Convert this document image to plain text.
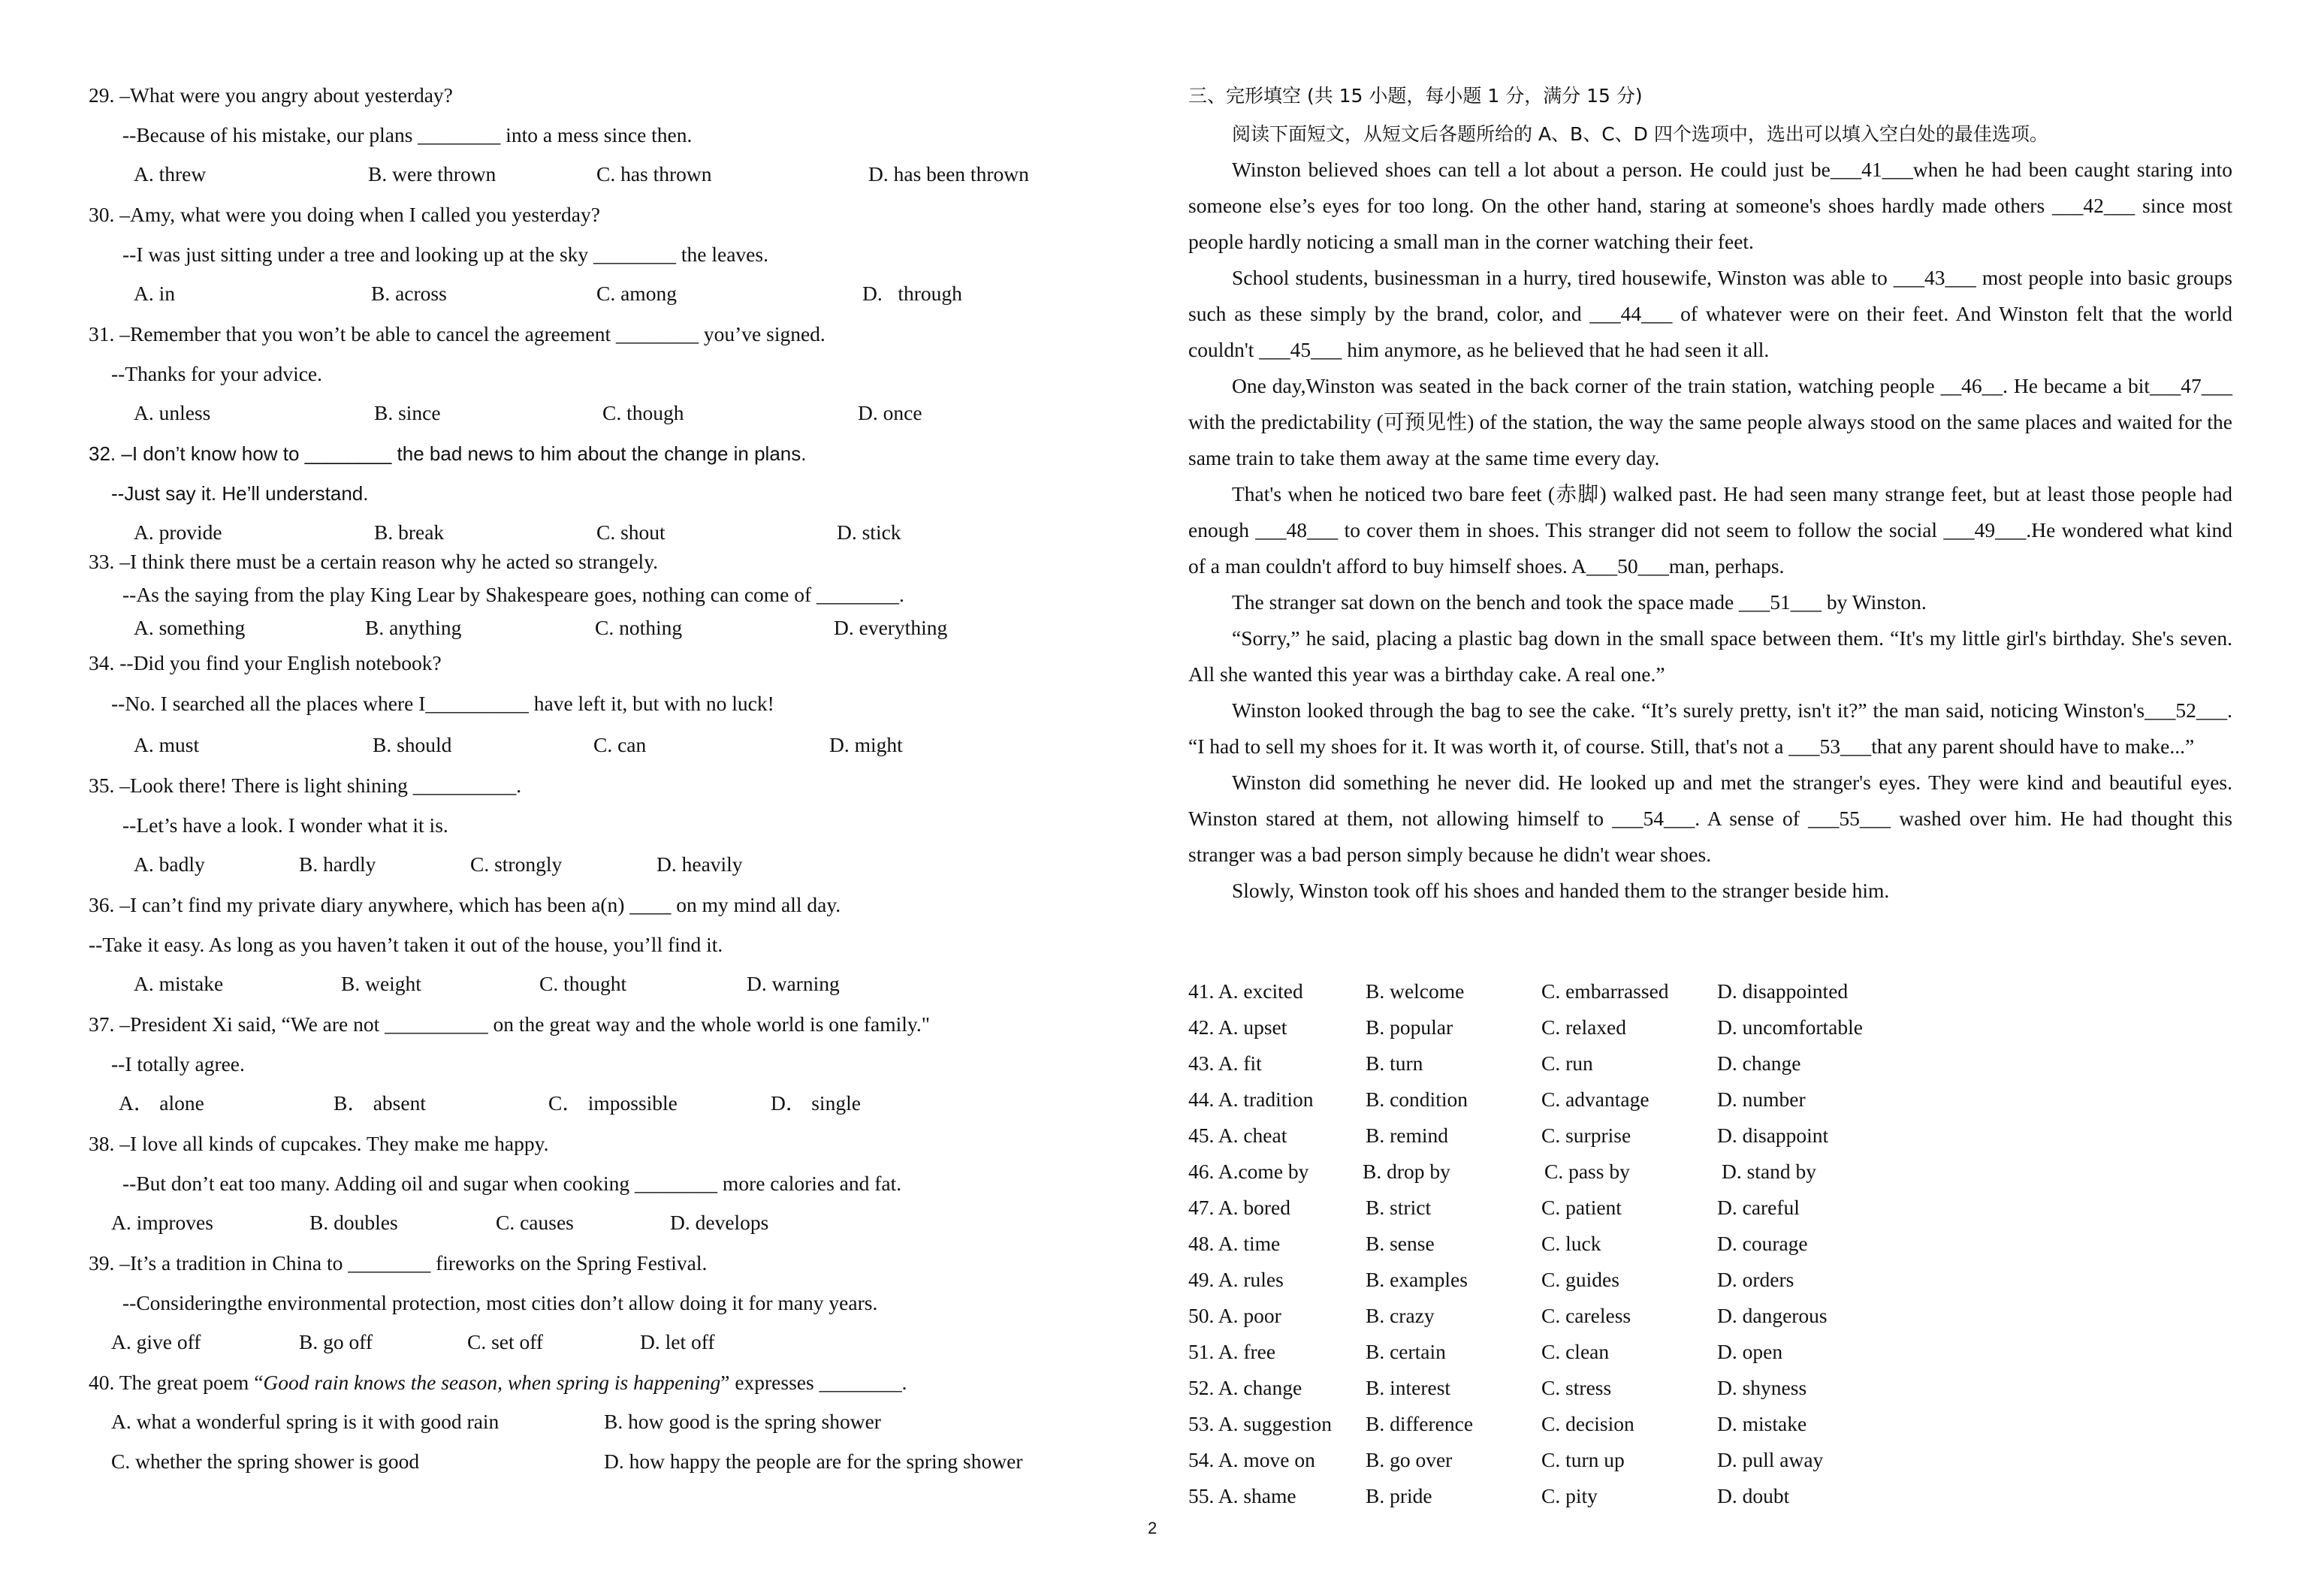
29. –What were you angry about yesterday?
--Because of his mistake, our plans ________ into a mess since then.
A. threw	B. were thrown	C. has thrown	D. has been thrown
30. –Amy, what were you doing when I called you yesterday?
--I was just sitting under a tree and looking up at the sky ________ the leaves.
A. in	B. across	C. among	D.   through
31. –Remember that you won’t be able to cancel the agreement ________ you’ve signed.
--Thanks for your advice.
A. unless	B. since	C. though	D. once
32. –I don’t know how to ________ the bad news to him about the change in plans.
--Just say it. He’ll understand.
A. provide	B. break	C. shout	D. stick
33. –I think there must be a certain reason why he acted so strangely.
--As the saying from the play King Lear by Shakespeare goes, nothing can come of ________.
A. something	B. anything	C. nothing	D. everything
34. --Did you find your English notebook?
--No. I searched all the places where I__________ have left it, but with no luck!
A. must	B. should	C. can	D. might
35. –Look there! There is light shining __________.
--Let’s have a look. I wonder what it is.
A. badly	B. hardly	C. strongly	D. heavily
36. –I can’t find my private diary anywhere, which has been a(n) ____ on my mind all day.
--Take it easy. As long as you haven’t taken it out of the house, you’ll find it.
A. mistake	B. weight	C. thought	D. warning
37. –President Xi said, “We are not __________ on the great way and the whole world is one family."
--I totally agree.
A． alone	B． absent	C． impossible	D． single
38. –I love all kinds of cupcakes. They make me happy.
--But don’t eat too many. Adding oil and sugar when cooking ________ more calories and fat.
A. improves	B. doubles	C. causes	D. develops
39. –It’s a tradition in China to ________ fireworks on the Spring Festival.
--Consideringthe environmental protection, most cities don’t allow doing it for many years.
A. give off	B. go off	C. set off	D. let off
40. The great poem “ Good rain knows the season, when spring is happening ” expresses ________.
A. what a wonderful spring is it with good rain	B. how good is the spring shower
C. whether the spring shower is good	D. how happy the people are for the spring shower
三、完形填空 (共 15 小题，每小题 1 分，满分 15 分)
阅读下面短文，从短文后各题所给的 A、B、C、D 四个选项中，选出可以填入空白处的最佳选项。

Winston believed shoes can tell a lot about a person. He could just be___41___when he had been caught staring into someone else’s eyes for too long. On the other hand, staring at someone's shoes hardly made others ___42___ since most people hardly noticing a small man in the corner watching their feet.

School students, businessman in a hurry, tired housewife, Winston was able to ___43___ most people into basic groups such as these simply by the brand, color, and ___44___ of whatever were on their feet. And Winston felt that the world couldn't ___45___ him anymore, as he believed that he had seen it all.

One day,Winston was seated in the back corner of the train station, watching people __46__. He became a bit___47___ with the predictability (可预见性) of the station, the way the same people always stood on the same places and waited for the same train to take them away at the same time every day.

That's when he noticed two bare feet (赤脚) walked past. He had seen many strange feet, but at least those people had enough ___48___ to cover them in shoes. This stranger did not seem to follow the social ___49___.He wondered what kind of a man couldn't afford to buy himself shoes. A___50___man, perhaps.

The stranger sat down on the bench and took the space made ___51___ by Winston.

“Sorry,” he said, placing a plastic bag down in the small space between them. “It's my little girl's birthday. She's seven. All she wanted this year was a birthday cake. A real one.”

Winston looked through the bag to see the cake. “It’s surely pretty, isn't it?” the man said, noticing Winston's___52___. “I had to sell my shoes for it. It was worth it, of course. Still, that's not a ___53___that any parent should have to make...”

Winston did something he never did. He looked up and met the stranger's eyes. They were kind and beautiful eyes. Winston stared at them, not allowing himself to ___54___. A sense of ___55___ washed over him. He had thought this stranger was a bad person simply because he didn't wear shoes.

Slowly, Winston took off his shoes and handed them to the stranger beside him.

41. A. excited	B. welcome	C. embarrassed D. disappointed
42. A. upset	B. popular	C. relaxed	D. uncomfortable
43. A. fit	B. turn	C. run	D. change
44. A. tradition	B. condition	C. advantage	D. number
45. A. cheat	B. remind	C. surprise	D. disappoint
46. A.come by	B. drop by	C. pass by	D. stand by
47. A. bored	B. strict	C. patient	D. careful
48. A. time	B. sense	C. luck	D. courage
49. A. rules	B. examples	C. guides	D. orders
50. A. poor	B. crazy	C. careless	D. dangerous
51. A. free	B. certain	C. clean	D. open
52. A. change	B. interest	C. stress	D. shyness
53. A. suggestion B. difference	C. decision	D. mistake
54. A. move on B. go over	C. turn up	D. pull away
55. A. shame	B. pride	C. pity	D. doubt
2
